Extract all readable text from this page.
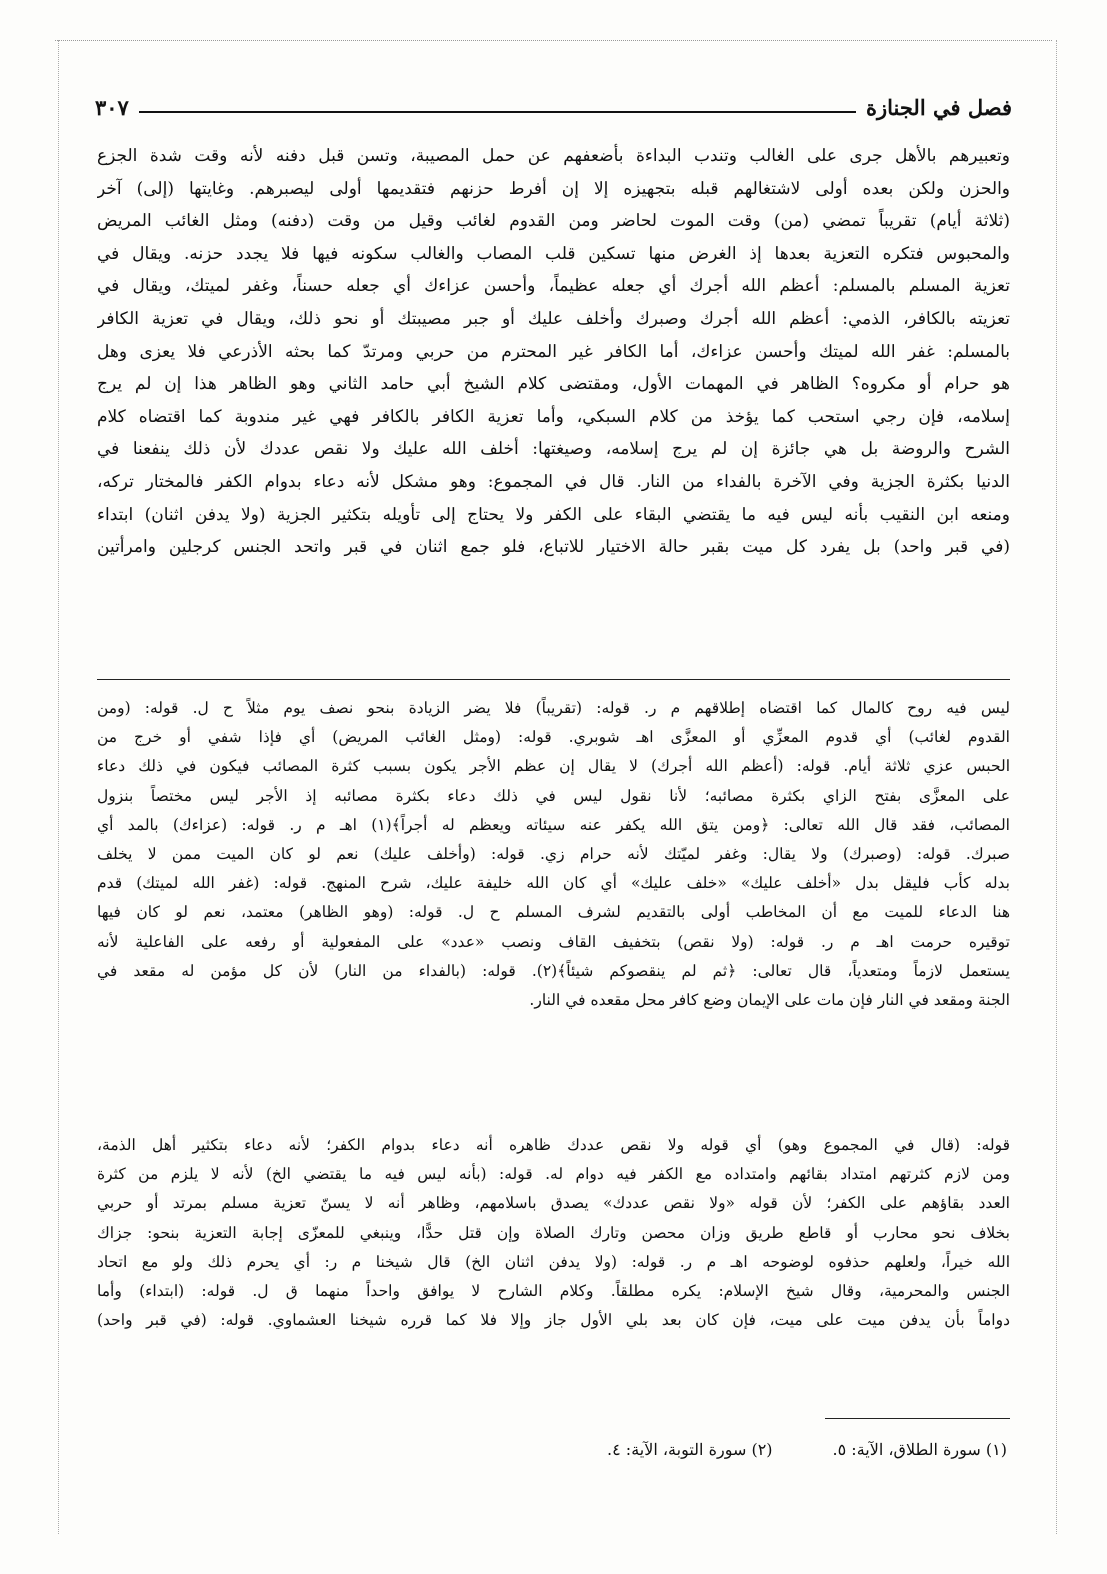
فصل في الجنازة
٣٠٧
وتعبيرهم بالأهل جرى على الغالب وتندب البداءة بأضعفهم عن حمل المصيبة، وتسن قبل دفنه لأنه وقت شدة الجزع
والحزن ولكن بعده أولى لاشتغالهم قبله بتجهيزه إلا إن أفرط حزنهم فتقديمها أولى ليصبرهم. وغايتها (إلى) آخر
(ثلاثة أيام) تقريباً تمضي (من) وقت الموت لحاضر ومن القدوم لغائب وقيل من وقت (دفنه) ومثل الغائب المريض
والمحبوس فتكره التعزية بعدها إذ الغرض منها تسكين قلب المصاب والغالب سكونه فيها فلا يجدد حزنه. ويقال في
تعزية المسلم بالمسلم: أعظم الله أجرك أي جعله عظيماً، وأحسن عزاءك أي جعله حسناً، وغفر لميتك، ويقال في
تعزيته بالكافر، الذمي: أعظم الله أجرك وصبرك وأخلف عليك أو جبر مصيبتك أو نحو ذلك، ويقال في تعزية الكافر
بالمسلم: غفر الله لميتك وأحسن عزاءك، أما الكافر غير المحترم من حربي ومرتدّ كما بحثه الأذرعي فلا يعزى وهل
هو حرام أو مكروه؟ الظاهر في المهمات الأول، ومقتضى كلام الشيخ أبي حامد الثاني وهو الظاهر هذا إن لم يرج
إسلامه، فإن رجي استحب كما يؤخذ من كلام السبكي، وأما تعزية الكافر بالكافر فهي غير مندوبة كما اقتضاه كلام
الشرح والروضة بل هي جائزة إن لم يرج إسلامه، وصيغتها: أخلف الله عليك ولا نقص عددك لأن ذلك ينفعنا في
الدنيا بكثرة الجزية وفي الآخرة بالفداء من النار. قال في المجموع: وهو مشكل لأنه دعاء بدوام الكفر فالمختار تركه،
ومنعه ابن النقيب بأنه ليس فيه ما يقتضي البقاء على الكفر ولا يحتاج إلى تأويله بتكثير الجزية (ولا يدفن اثنان) ابتداء
(في قبر واحد) بل يفرد كل ميت بقبر حالة الاختيار للاتباع، فلو جمع اثنان في قبر واتحد الجنس كرجلين وامرأتين
ليس فيه روح كالمال كما اقتضاه إطلاقهم م ر. قوله: (تقريباً) فلا يضر الزيادة بنحو نصف يوم مثلاً ح ل. قوله: (ومن
القدوم لغائب) أي قدوم المعزِّي أو المعزَّى اهـ شوبري. قوله: (ومثل الغائب المريض) أي فإذا شفي أو خرج من
الحبس عزي ثلاثة أيام. قوله: (أعظم الله أجرك) لا يقال إن عظم الأجر يكون بسبب كثرة المصائب فيكون في ذلك دعاء
على المعزَّى بفتح الزاي بكثرة مصائبه؛ لأنا نقول ليس في ذلك دعاء بكثرة مصائبه إذ الأجر ليس مختصاً بنزول
المصائب، فقد قال الله تعالى: ﴿ومن يتق الله يكفر عنه سيئاته ويعظم له أجراً﴾(١) اهـ م ر. قوله: (عزاءك) بالمد أي
صبرك. قوله: (وصبرك) ولا يقال: وغفر لميّتك لأنه حرام زي. قوله: (وأخلف عليك) نعم لو كان الميت ممن لا يخلف
بدله كأب فليقل بدل «أخلف عليك» «خلف عليك» أي كان الله خليفة عليك، شرح المنهج. قوله: (غفر الله لميتك) قدم
هنا الدعاء للميت مع أن المخاطب أولى بالتقديم لشرف المسلم ح ل. قوله: (وهو الظاهر) معتمد، نعم لو كان فيها
توقيره حرمت اهـ م ر. قوله: (ولا نقص) بتخفيف القاف ونصب «عدد» على المفعولية أو رفعه على الفاعلية لأنه
يستعمل لازماً ومتعدياً، قال تعالى: ﴿ثم لم ينقصوكم شيئاً﴾(٢). قوله: (بالفداء من النار) لأن كل مؤمن له مقعد في
الجنة ومقعد في النار فإن مات على الإيمان وضع كافر محل مقعده في النار.
قوله: (قال في المجموع وهو) أي قوله ولا نقص عددك ظاهره أنه دعاء بدوام الكفر؛ لأنه دعاء بتكثير أهل الذمة،
ومن لازم كثرتهم امتداد بقائهم وامتداده مع الكفر فيه دوام له. قوله: (بأنه ليس فيه ما يقتضي الخ) لأنه لا يلزم من كثرة
العدد بقاؤهم على الكفر؛ لأن قوله «ولا نقص عددك» يصدق باسلامهم، وظاهر أنه لا يسنّ تعزية مسلم بمرتد أو حربي
بخلاف نحو محارب أو قاطع طريق وزان محصن وتارك الصلاة وإن قتل حدًّا، وينبغي للمعزّى إجابة التعزية بنحو: جزاك
الله خيراً، ولعلهم حذفوه لوضوحه اهـ م ر. قوله: (ولا يدفن اثنان الخ) قال شيخنا م ر: أي يحرم ذلك ولو مع اتحاد
الجنس والمحرمية، وقال شيخ الإسلام: يكره مطلقاً. وكلام الشارح لا يوافق واحداً منهما ق ل. قوله: (ابتداء) وأما
دواماً بأن يدفن ميت على ميت، فإن كان بعد بلي الأول جاز وإلا فلا كما قرره شيخنا العشماوي. قوله: (في قبر واحد)
(١) سورة الطلاق، الآية: ٥.
(٢) سورة التوبة، الآية: ٤.
